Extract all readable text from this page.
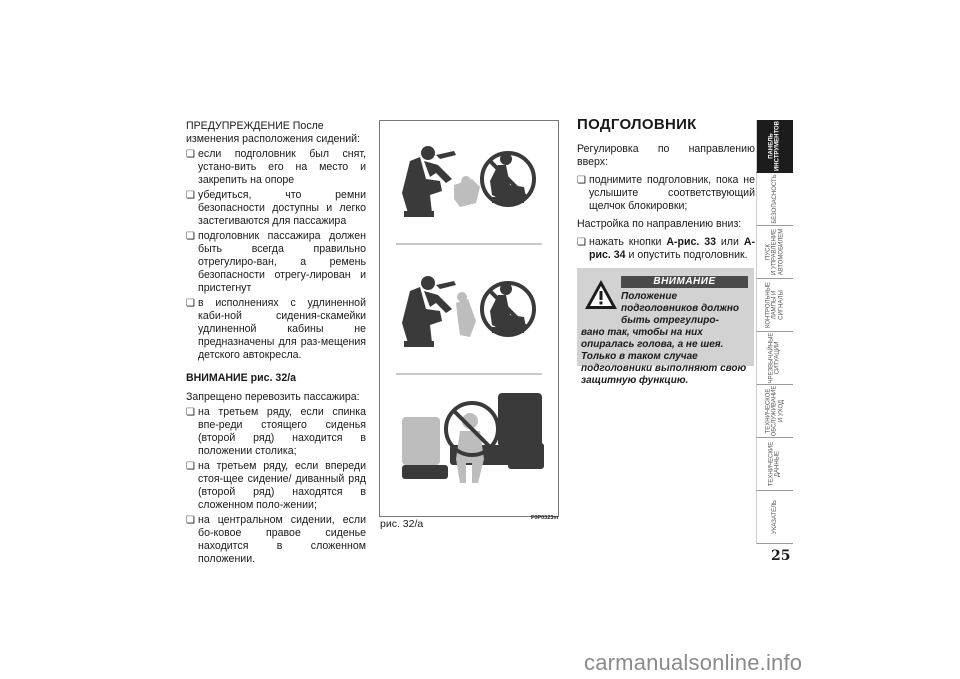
ПРЕДУПРЕЖДЕНИЕ После изменения расположения сидений:

❏ если подголовник был снят, устано-вить его на место и закрепить на опоре
❏ убедиться, что ремни безопасности доступны и легко застегиваются для пассажира
❏ подголовник пассажира должен быть всегда правильно отрегулиро-ван, а ремень безопасности отрегу-лирован и пристегнут
❏ в исполнениях с удлиненной каби-ной сидения-скамейки удлиненной кабины не предназначены для раз-мещения детского автокресла.

ВНИМАНИЕ рис. 32/а

Запрещено перевозить пассажира:

❏ на третьем ряду, если спинка впе-реди стоящего сиденья (второй ряд) находится в положении столика;
❏ на третьем ряду, если впереди стоя-щее сидение/ диванный ряд (второй ряд) находятся в сложенном поло-жении;
❏ на центральном сидении, если бо-ковое правое сиденье находится в сложенном положении.
рис. 32/а	F0P0323m
ПОДГОЛОВНИК

Регулировка по направлению вверх:

❏ поднимите подголовник, пока не услышите соответствующий щелчок блокировки;

Настройка по направлению вниз:

❏ нажать кнопки А-рис. 33 или А-рис. 34 и опустить подголовник.
ВНИМАНИЕ
Положение подголовников должно быть отрегулиро-
вано так, чтобы на них опиралась голова, а не шея. Только в таком случае подголовники выполняют свою защитную функцию.
ПАНЕЛЬ
ИНСТРУМЕНТОВ
БЕЗОПАСНОСТЬ
ПУСК
И УПРАВЛЕНИЕ
АВТОМОБИЛЕМ
КОНТРОЛЬНЫЕ
ЛАМПЫ И
СИГНАЛЫ
ЧРЕЗВЫЧАЙНЫЕ
СИТУАЦИИ
ТЕХНИЧЕСКОЕ
ОБСЛУЖИВАНИЕ
И УХОД
ТЕХНИЧЕСКИЕ
ДАННЫЕ
УКАЗАТЕЛЬ
25
carmanualsonline.info
